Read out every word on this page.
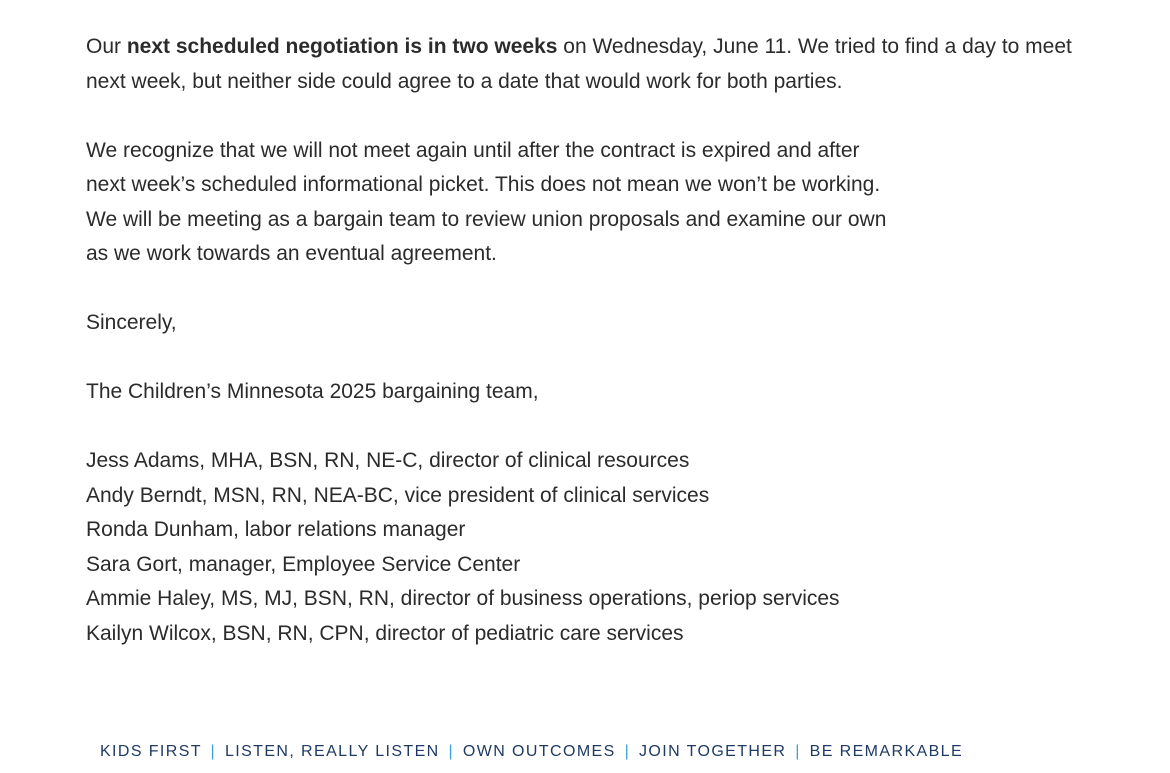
Our next scheduled negotiation is in two weeks on Wednesday, June 11. We tried to find a day to meet next week, but neither side could agree to a date that would work for both parties.

We recognize that we will not meet again until after the contract is expired and after
next week’s scheduled informational picket. This does not mean we won’t be working.
We will be meeting as a bargain team to review union proposals and examine our own
as we work towards an eventual agreement.

Sincerely,

The Children’s Minnesota 2025 bargaining team,

Jess Adams, MHA, BSN, RN, NE-C, director of clinical resources
Andy Berndt, MSN, RN, NEA-BC, vice president of clinical services
Ronda Dunham, labor relations manager
Sara Gort, manager, Employee Service Center
Ammie Haley, MS, MJ, BSN, RN, director of business operations, periop services
Kailyn Wilcox, BSN, RN, CPN, director of pediatric care services
KIDS FIRST | LISTEN, REALLY LISTEN | OWN OUTCOMES | JOIN TOGETHER | BE REMARKABLE
